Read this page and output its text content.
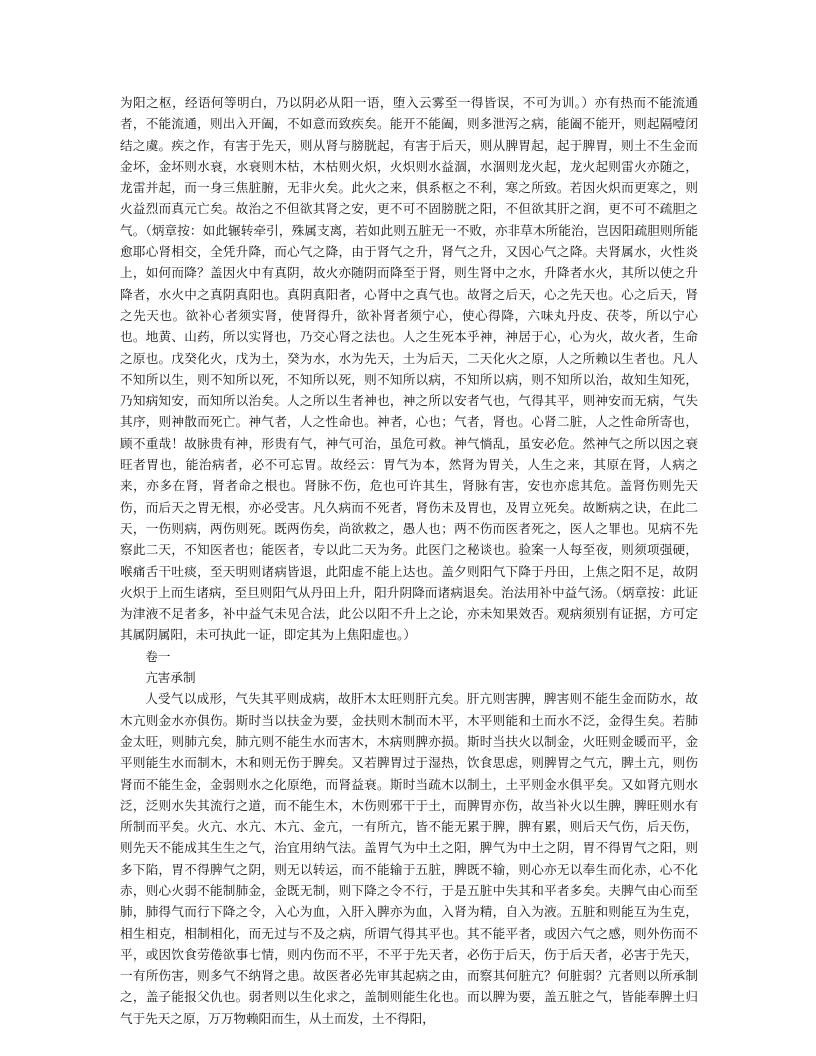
为阳之枢，经语何等明白，乃以阴必从阳一语，堕入云雾至一得皆误，不可为训。）亦有热而不能流通者，不能流通，则出入开阖，不如意而致疾矣。能开不能阖，则多泄泻之病，能阖不能开，则起隔噎闭结之虞。疾之作，有害于先天，则从肾与膀胱起，有害于后天，则从脾胃起，起于脾胃，则土不生金而金坏，金坏则水衰，水衰则木枯，木枯则火炽，火炽则水益涸，水涸则龙火起，龙火起则雷火亦随之，龙雷并起，而一身三焦脏腑，无非火矣。此火之来，俱系枢之不利，寒之所致。若因火炽而更寒之，则火益烈而真元亡矣。故治之不但欲其肾之安，更不可不固膀胱之阳，不但欲其肝之润，更不可不疏胆之气。（炳章按：如此辗转牵引，殊属支离，若如此则五脏无一不败，亦非草木所能治，岂因阳疏胆则所能愈耶心肾相交，全凭升降，而心气之降，由于肾气之升，肾气之升，又因心气之降。夫肾属水，火性炎上，如何而降？盖因火中有真阴，故火亦随阴而降至于肾，则生肾中之水，升降者水火，其所以使之升降者，水火中之真阴真阳也。真阴真阳者，心肾中之真气也。故肾之后天，心之先天也。心之后天，肾之先天也。欲补心者须实肾，使肾得升，欲补肾者须宁心，使心得降，六味丸丹皮、茯苓，所以宁心也。地黄、山药，所以实肾也，乃交心肾之法也。人之生死本乎神，神居于心，心为火，故火者，生命之原也。戊癸化火，戊为土，癸为水，水为先天，土为后天，二天化火之原，人之所赖以生者也。凡人不知所以生，则不知所以死，不知所以死，则不知所以病，不知所以病，则不知所以治，故知生知死，乃知病知安，而知所以治矣。人之所以生者神也，神之所以安者气也，气得其平，则神安而无病，气失其序，则神散而死亡。神气者，人之性命也。神者，心也；气者，肾也。心肾二脏，人之性命所寄也，顾不重哉！故脉贵有神，形贵有气，神气可治，虽危可救。神气惝乱，虽安必危。然神气之所以因之衰旺者胃也，能治病者，必不可忘胃。故经云：胃气为本，然肾为胃关，人生之来，其原在肾，人病之来，亦多在肾，肾者命之根也。肾脉不伤，危也可许其生，肾脉有害，安也亦虑其危。盖肾伤则先天伤，而后天之胃无根，亦必受害。凡久病而不死者，肾伤未及胃也，及胃立死矣。故断病之诀，在此二天，一伤则病，两伤则死。既两伤矣，尚欲救之，愚人也；两不伤而医者死之，医人之罪也。见病不先察此二天，不知医者也；能医者，专以此二天为务。此医门之秘谈也。验案一人每至夜，则须项强硬，喉痛舌干吐痰，至天明则诸病皆退，此阳虚不能上达也。盖夕则阳气下降于丹田，上焦之阳不足，故阴火炽于上而生诸病，至旦则阳气从丹田上升，阳升阴降而诸病退矣。治法用补中益气汤。（炳章按：此证为津液不足者多，补中益气未见合法，此公以阳不升上之论，亦未知果效否。观病须别有证据，方可定其属阴属阳，未可执此一证，即定其为上焦阳虚也。）

卷一

亢害承制

人受气以成形，气失其平则成病，故肝木太旺则肝亢矣。肝亢则害脾，脾害则不能生金而防水，故木亢则金水亦俱伤。斯时当以扶金为要，金扶则木制而木平，木平则能和土而水不泛，金得生矣。若肺金太旺，则肺亢矣，肺亢则不能生水而害木，木病则脾亦损。斯时当扶火以制金，火旺则金暖而平，金平则能生水而制木，木和则无伤于脾矣。又若脾胃过于湿热，饮食思虑，则脾胃之气亢，脾土亢，则伤肾而不能生金，金弱则水之化原绝，而肾益衰。斯时当疏木以制土，土平则金水俱平矣。又如肾亢则水泛，泛则水失其流行之道，而不能生木，木伤则邪干于土，而脾胃亦伤，故当补火以生脾，脾旺则水有所制而平矣。火亢、水亢、木亢、金亢，一有所亢，皆不能无累于脾，脾有累，则后天气伤，后天伤，则先天不能成其生生之气，治宜用纳气法。盖胃气为中土之阳，脾气为中土之阴，胃不得胃气之阳，则多下陷，胃不得脾气之阴，则无以转运，而不能输于五脏，脾既不输，则心亦无以奉生而化赤，心不化赤，则心火弱不能制肺金，金既无制，则下降之令不行，于是五脏中失其和平者多矣。夫脾气由心而至肺，肺得气而行下降之令，入心为血，入肝入脾亦为血，入肾为精，自入为液。五脏和则能互为生克，相生相克，相制相化，而无过与不及之病，所谓气得其平也。其不能平者，或因六气之感，则外伤而不平，或因饮食劳倦欲事七情，则内伤而不平，不平于先天者，必伤于后天，伤于后天者，必害于先天，一有所伤害，则多气不纳肾之患。故医者必先审其起病之由，而察其何脏亢？何脏弱？亢者则以所承制之，盖子能报父仇也。弱者则以生化求之，盖制则能生化也。而以脾为要，盖五脏之气，皆能奉脾土归气于先天之原，万万物赖阳而生，从土而发，土不得阳，
